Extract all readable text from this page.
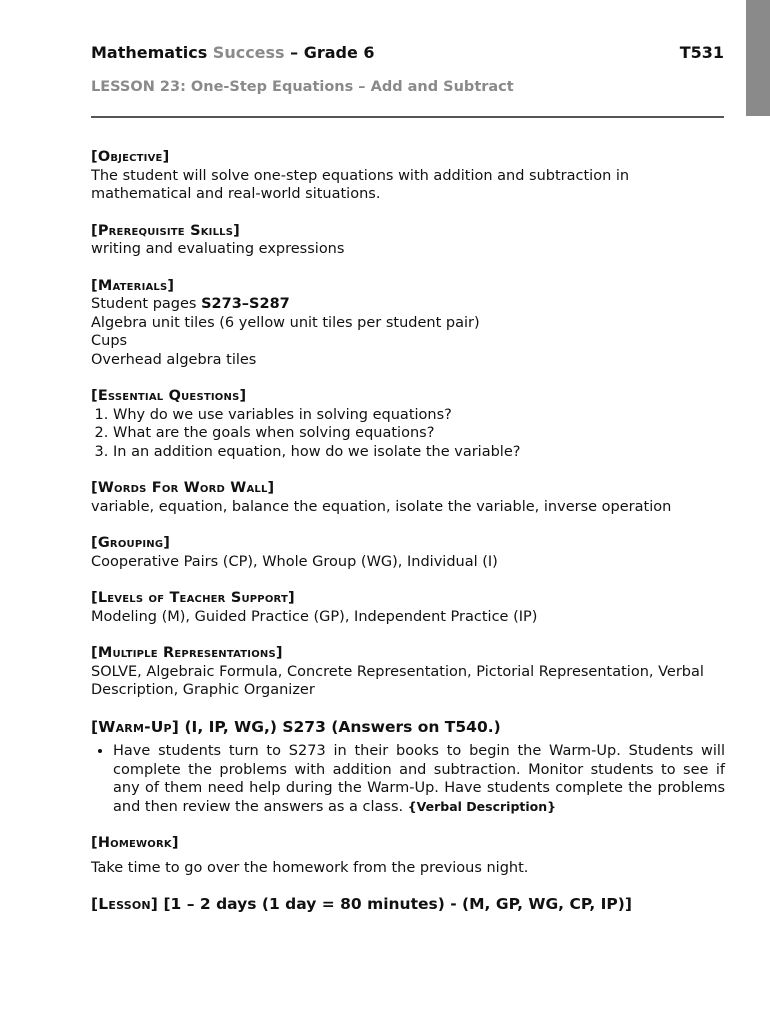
Mathematics Success – Grade 6	T531
LESSON 23: One-Step Equations – Add and Subtract
[Objective]

The student will solve one-step equations with addition and subtraction in mathematical and real-world situations.

[Prerequisite Skills]

writing and evaluating expressions

[Materials]

Student pages S273–S287

Algebra unit tiles (6 yellow unit tiles per student pair)

Cups

Overhead algebra tiles

[Essential Questions]
1. Why do we use variables in solving equations?
2. What are the goals when solving equations?
3. In an addition equation, how do we isolate the variable?
[Words For Word Wall]

variable, equation, balance the equation, isolate the variable, inverse operation

[Grouping]

Cooperative Pairs (CP), Whole Group (WG), Individual (I)

[Levels of Teacher Support]

Modeling (M), Guided Practice (GP), Independent Practice (IP)

[Multiple Representations]

SOLVE, Algebraic Formula, Concrete Representation, Pictorial Representation, Verbal Description, Graphic Organizer

[Warm-Up] (I, IP, WG,) S273 (Answers on T540.)
• Have students turn to S273 in their books to begin the Warm-Up. Students will complete the problems with addition and subtraction. Monitor students to see if any of them need help during the Warm-Up. Have students complete the problems and then review the answers as a class. {Verbal Description}
[Homework]

Take time to go over the homework from the previous night.

[Lesson] [1 – 2 days (1 day = 80 minutes) - (M, GP, WG, CP, IP)]
